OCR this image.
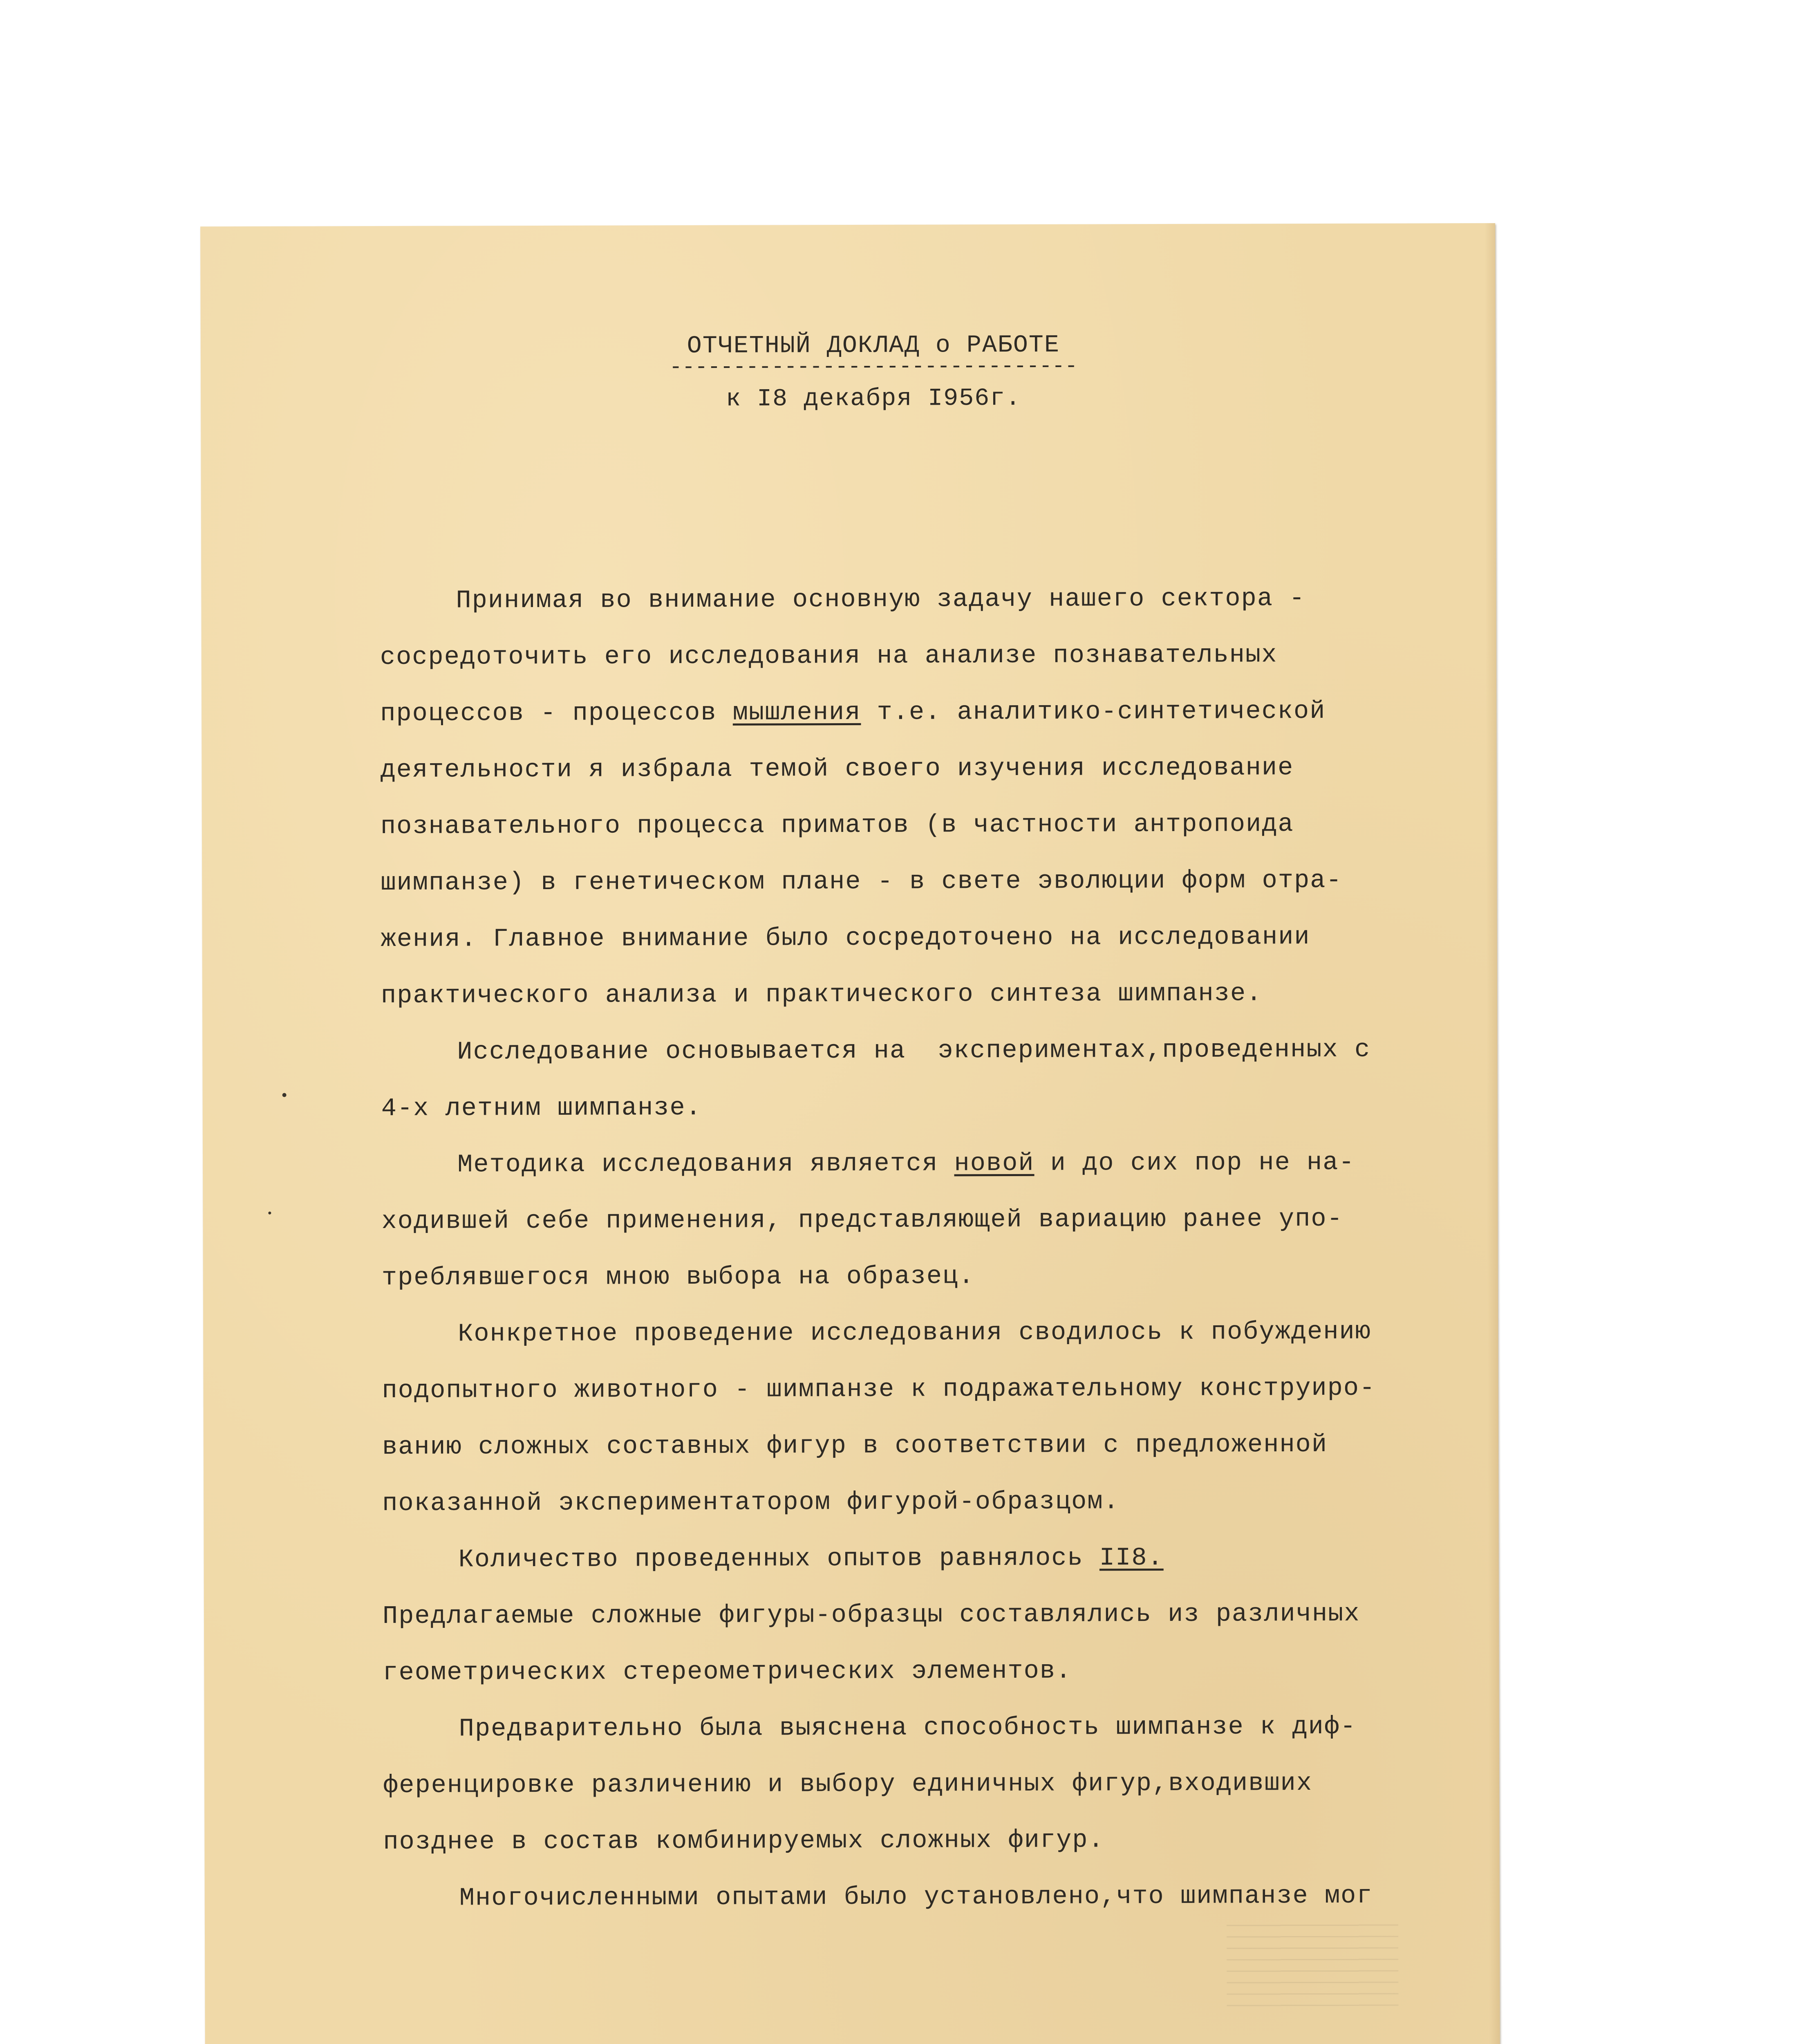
ОТЧЕТНЫЙ ДОКЛАД о РАБОТЕ
--------------------------------
к I8 декабря I956г.
Принимая во внимание основную задачу нашего сектора -
сосредоточить его исследования на анализе познавательных
процессов - процессов мышления т.е. аналитико-синтетической
деятельности я избрала темой своего изучения исследование
познавательного процесса приматов (в частности антропоида
шимпанзе) в генетическом плане - в свете эволюции форм отра-
жения. Главное внимание было сосредоточено на исследовании
практического анализа и практического синтеза шимпанзе.
Исследование основывается на  экспериментах,проведенных с
4-х летним шимпанзе.
Методика исследования является новой и до сих пор не на-
ходившей себе применения, представляющей вариацию ранее упо-
треблявшегося мною выбора на образец.
Конкретное проведение исследования сводилось к побуждению
подопытного животного - шимпанзе к подражательному конструиро-
ванию сложных составных фигур в соответствии с предложенной
показанной экспериментатором фигурой-образцом.
Количество проведенных опытов равнялось II8.
Предлагаемые сложные фигуры-образцы составлялись из различных
геометрических стереометрических элементов.
Предварительно была выяснена способность шимпанзе к диф-
ференцировке различению и выбору единичных фигур,входивших
позднее в состав комбинируемых сложных фигур.
Многочисленными опытами было установлено,что шимпанзе мог
